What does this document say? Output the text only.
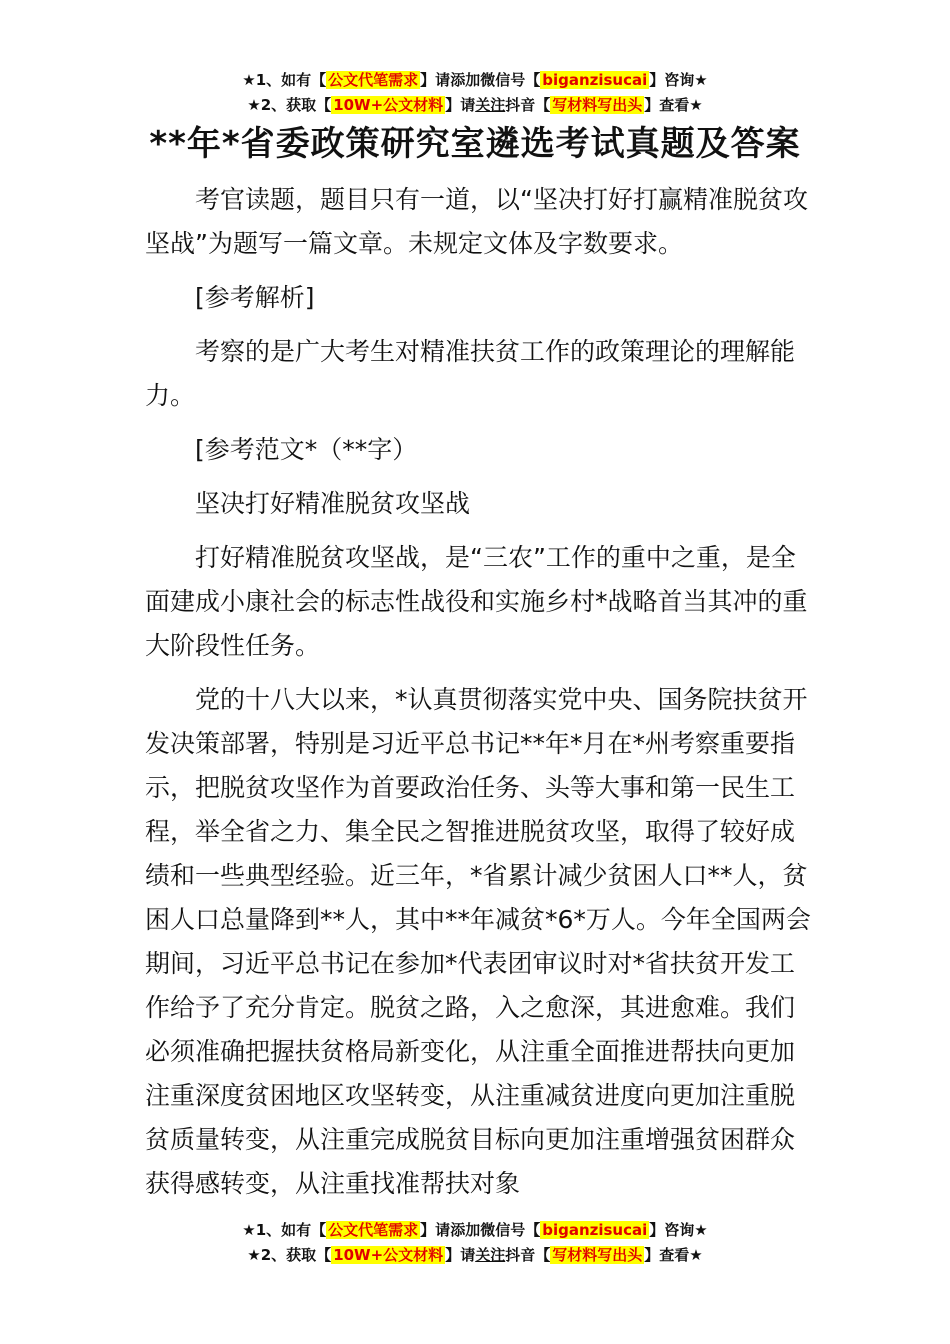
★1、如有【 公文代笔需求 】请添加微信号【 biganzisucai 】咨询★
★2、获取【 10W+公文材料 】请关注抖音【 写材料写出头 】查看★
**年*省委政策研究室遴选考试真题及答案

考官读题，题目只有一道，以“坚决打好打赢精准脱贫攻坚战”为题写一篇文章。未规定文体及字数要求。

[参考解析]

考察的是广大考生对精准扶贫工作的政策理论的理解能力。

[参考范文*（**字）

坚决打好精准脱贫攻坚战

打好精准脱贫攻坚战，是“三农”工作的重中之重，是全面建成小康社会的标志性战役和实施乡村*战略首当其冲的重大阶段性任务。

党的十八大以来，*认真贯彻落实党中央、国务院扶贫开发决策部署，特别是习近平总书记**年*月在*州考察重要指示，把脱贫攻坚作为首要政治任务、头等大事和第一民生工程，举全省之力、集全民之智推进脱贫攻坚，取得了较好成绩和一些典型经验。近三年，*省累计减少贫困人口**人，贫困人口总量降到**人，其中**年减贫*6*万人。今年全国两会期间，习近平总书记在参加*代表团审议时对*省扶贫开发工作给予了充分肯定。脱贫之路，入之愈深，其进愈难。我们必须准确把握扶贫格局新变化，从注重全面推进帮扶向更加注重深度贫困地区攻坚转变，从注重减贫进度向更加注重脱贫质量转变，从注重完成脱贫目标向更加注重增强贫困群众获得感转变，从注重找准帮扶对象

★1、如有【 公文代笔需求 】请添加微信号【 biganzisucai 】咨询★
★2、获取【 10W+公文材料 】请关注抖音【 写材料写出头 】查看★
